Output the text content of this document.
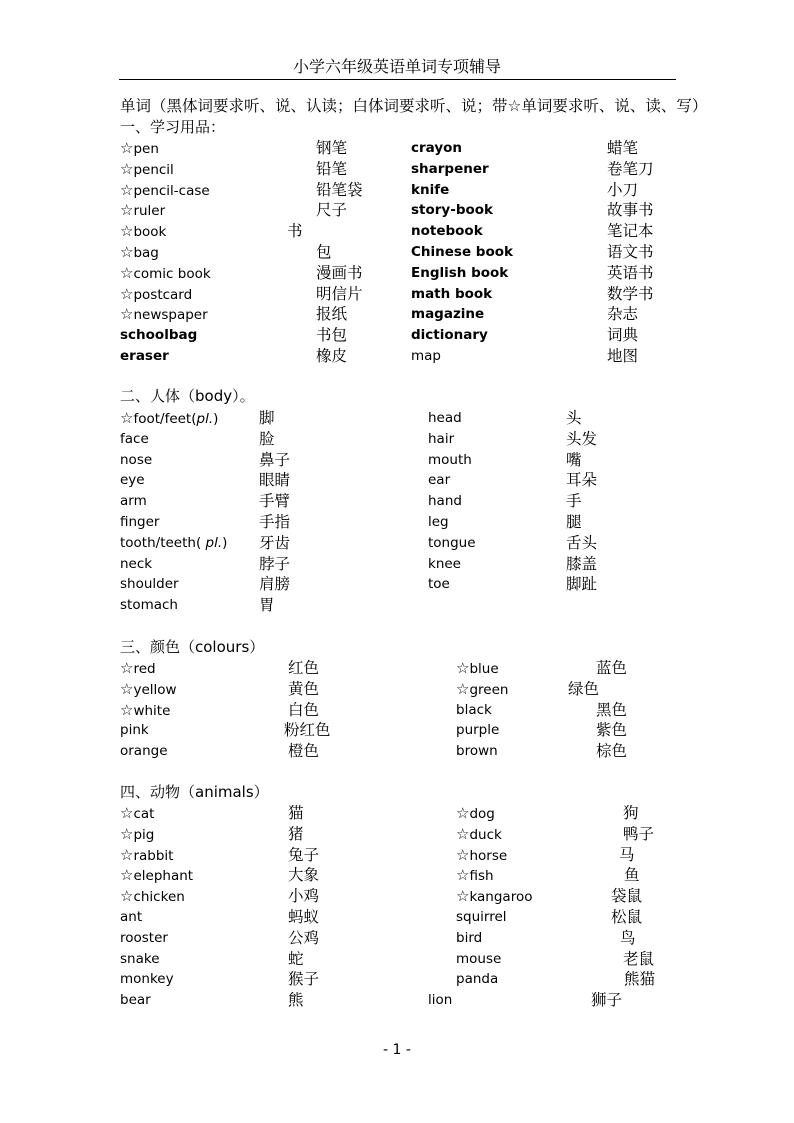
小学六年级英语单词专项辅导
单词（黑体词要求听、说、认读；白体词要求听、说；带☆单词要求听、说、读、写）
一、学习用品：
☆pen	钢笔	crayon	蜡笔
☆pencil	铅笔	sharpener	卷笔刀
☆pencil-case	铅笔袋	knife	小刀
☆ruler	尺子	story-book	故事书
☆book	书	notebook	笔记本
☆bag	包	Chinese book	语文书
☆comic book	漫画书	English book	英语书
☆postcard	明信片	math book	数学书
☆newspaper	报纸	magazine	杂志
schoolbag	书包	dictionary	词典
eraser	橡皮	map	地图
二、人体（body）。
☆foot/feet(pl.)	脚	head	头
face	脸	hair	头发
nose	鼻子	mouth	嘴
eye	眼睛	ear	耳朵
arm	手臂	hand	手
finger	手指	leg	腿
tooth/teeth( pl.) 牙齿	tongue	舌头
neck	脖子	knee	膝盖
shoulder	肩膀	toe	脚趾
stomach	胃
三、颜色（colours）
☆red	红色	☆blue	蓝色
☆yellow	黄色	☆green	绿色
☆white	白色	black	黑色
pink	粉红色	purple	紫色
orange	橙色	brown	棕色
四、动物（animals）
☆cat	猫	☆dog	狗
☆pig	猪	☆duck	鸭子
☆rabbit	兔子	☆horse	马
☆elephant	大象	☆fish	鱼
☆chicken	小鸡	☆kangaroo	袋鼠
ant	蚂蚁	squirrel	松鼠
rooster	公鸡	bird	鸟
snake	蛇	mouse	老鼠
monkey	猴子	panda	熊猫
bear	熊	lion	狮子
- 1 -
